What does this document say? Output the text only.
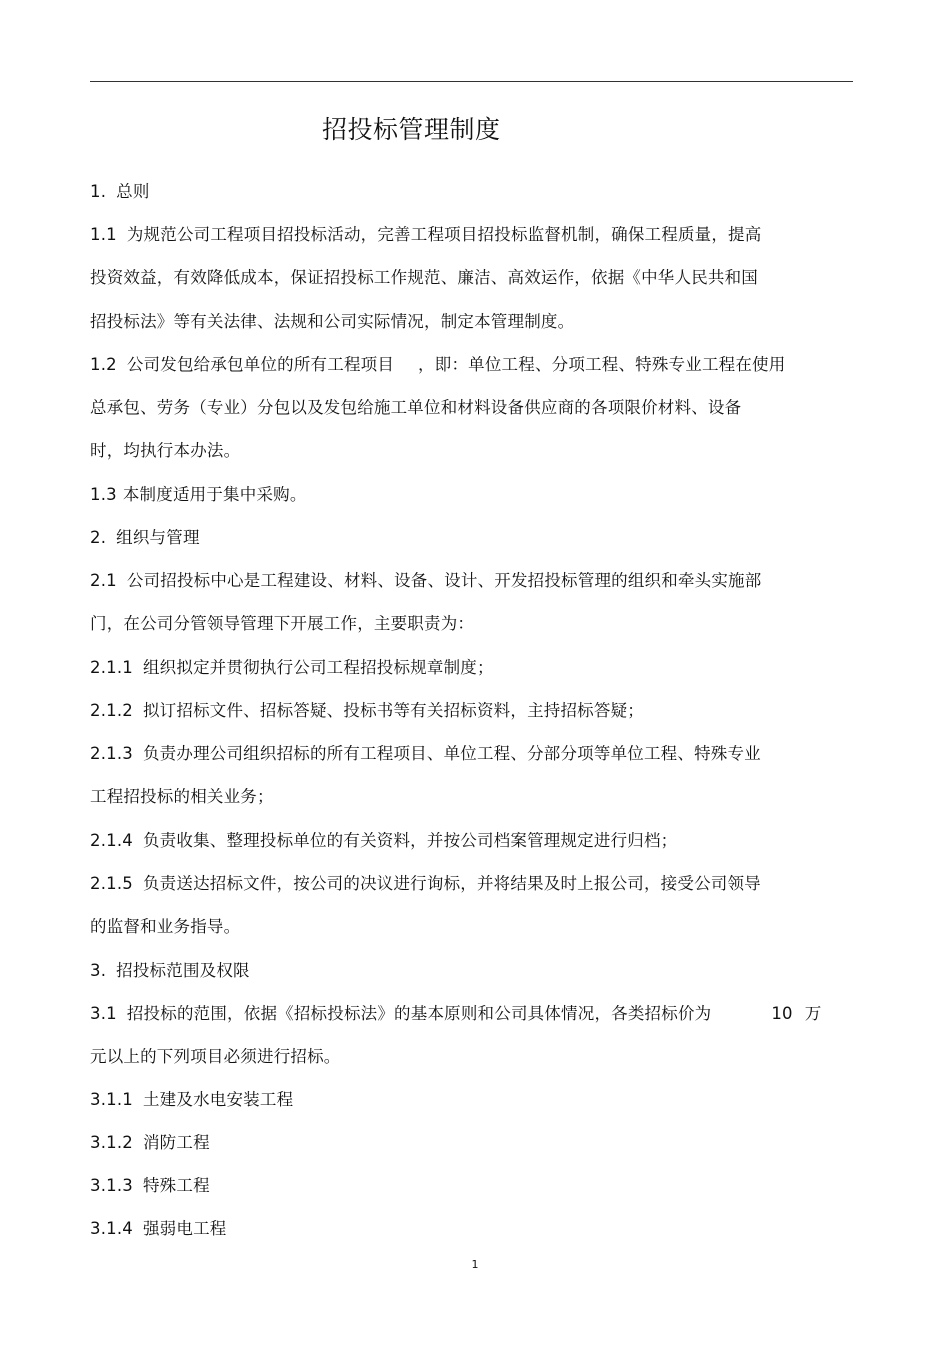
招投标管理制度
1. 总则
1.1 为规范公司工程项目招投标活动，完善工程项目招投标监督机制，确保工程质量，提高
投资效益，有效降低成本，保证招投标工作规范、廉洁、高效运作，依据《中华人民共和国
招投标法》等有关法律、法规和公司实际情况，制定本管理制度。
1.2 公司发包给承包单位的所有工程项目 ，即：单位工程、分项工程、特殊专业工程在使用
总承包、劳务（专业）分包以及发包给施工单位和材料设备供应商的各项限价材料、设备
时，均执行本办法。
1.3 本制度适用于集中采购。
2. 组织与管理
2.1 公司招投标中心是工程建设、材料、设备、设计、开发招投标管理的组织和牵头实施部
门，在公司分管领导管理下开展工作，主要职责为：
2.1.1 组织拟定并贯彻执行公司工程招投标规章制度；
2.1.2 拟订招标文件、招标答疑、投标书等有关招标资料，主持招标答疑；
2.1.3 负责办理公司组织招标的所有工程项目、单位工程、分部分项等单位工程、特殊专业
工程招投标的相关业务；
2.1.4 负责收集、整理投标单位的有关资料，并按公司档案管理规定进行归档；
2.1.5 负责送达招标文件，按公司的决议进行询标，并将结果及时上报公司，接受公司领导
的监督和业务指导。
3. 招投标范围及权限
3.1 招投标的范围，依据《招标投标法》的基本原则和公司具体情况，各类招标价为	10 万
元以上的下列项目必须进行招标。
3.1.1 土建及水电安装工程
3.1.2 消防工程
3.1.3 特殊工程
3.1.4 强弱电工程
1
